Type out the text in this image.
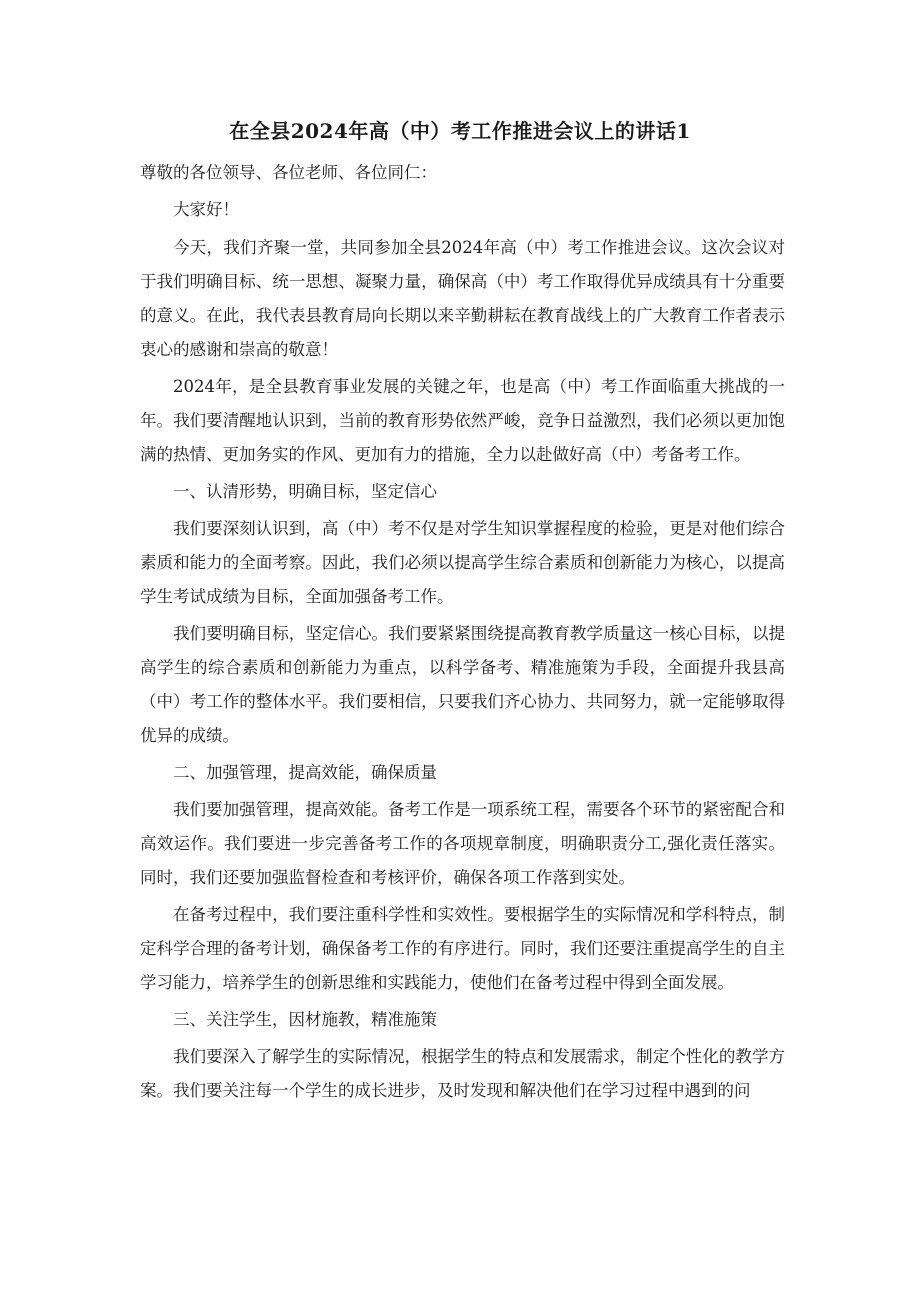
在全县2024年高（中）考工作推进会议上的讲话1

尊敬的各位领导、各位老师、各位同仁：

大家好！

今天，我们齐聚一堂，共同参加全县2024年高（中）考工作推进会议。这次会议对于我们明确目标、统一思想、凝聚力量，确保高（中）考工作取得优异成绩具有十分重要的意义。在此，我代表县教育局向长期以来辛勤耕耘在教育战线上的广大教育工作者表示衷心的感谢和崇高的敬意！

2024年，是全县教育事业发展的关键之年，也是高（中）考工作面临重大挑战的一年。我们要清醒地认识到，当前的教育形势依然严峻，竞争日益激烈，我们必须以更加饱满的热情、更加务实的作风、更加有力的措施，全力以赴做好高（中）考备考工作。

一、认清形势，明确目标，坚定信心

我们要深刻认识到，高（中）考不仅是对学生知识掌握程度的检验，更是对他们综合素质和能力的全面考察。因此，我们必须以提高学生综合素质和创新能力为核心，以提高学生考试成绩为目标，全面加强备考工作。

我们要明确目标，坚定信心。我们要紧紧围绕提高教育教学质量这一核心目标，以提高学生的综合素质和创新能力为重点，以科学备考、精准施策为手段，全面提升我县高（中）考工作的整体水平。我们要相信，只要我们齐心协力、共同努力，就一定能够取得优异的成绩。

二、加强管理，提高效能，确保质量

我们要加强管理，提高效能。备考工作是一项系统工程，需要各个环节的紧密配合和高效运作。我们要进一步完善备考工作的各项规章制度，明确职责分工,强化责任落实。同时，我们还要加强监督检查和考核评价，确保各项工作落到实处。

在备考过程中，我们要注重科学性和实效性。要根据学生的实际情况和学科特点，制定科学合理的备考计划，确保备考工作的有序进行。同时，我们还要注重提高学生的自主学习能力，培养学生的创新思维和实践能力，使他们在备考过程中得到全面发展。

三、关注学生，因材施教，精准施策

我们要深入了解学生的实际情况，根据学生的特点和发展需求，制定个性化的教学方案。我们要关注每一个学生的成长进步，及时发现和解决他们在学习过程中遇到的问
